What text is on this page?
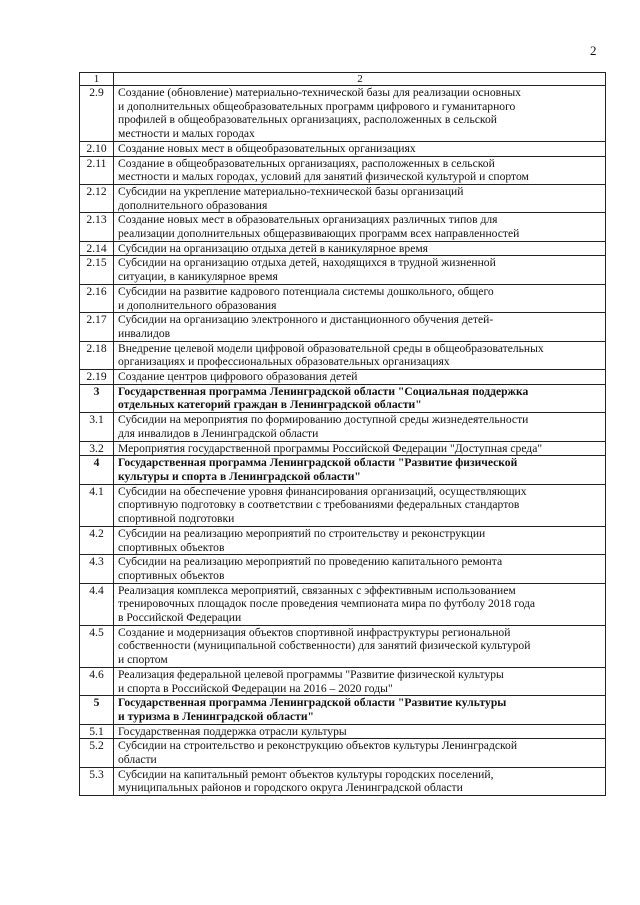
2
1	2
2.9	Создание (обновление) материально-технической базы для реализации основных
и дополнительных общеобразовательных программ цифрового и гуманитарного
профилей в общеобразовательных организациях, расположенных в сельской
местности и малых городах
2.10	Создание новых мест в общеобразовательных организациях
2.11	Создание в общеобразовательных организациях, расположенных в сельской
местности и малых городах, условий для занятий физической культурой и спортом
2.12	Субсидии на укрепление материально-технической базы организаций
дополнительного образования
2.13	Создание новых мест в образовательных организациях различных типов для
реализации дополнительных общеразвивающих программ всех направленностей
2.14	Субсидии на организацию отдыха детей в каникулярное время
2.15	Субсидии на организацию отдыха детей, находящихся в трудной жизненной
ситуации, в каникулярное время
2.16	Субсидии на развитие кадрового потенциала системы дошкольного, общего
и дополнительного образования
2.17	Субсидии на организацию электронного и дистанционного обучения детей-
инвалидов
2.18	Внедрение целевой модели цифровой образовательной среды в общеобразовательных
организациях и профессиональных образовательных организациях
2.19	Создание центров цифрового образования детей
3	Государственная программа Ленинградской области "Социальная поддержка
отдельных категорий граждан в Ленинградской области"
3.1	Субсидии на мероприятия по формированию доступной среды жизнедеятельности
для инвалидов в Ленинградской области
3.2	Мероприятия государственной программы Российской Федерации "Доступная среда"
4	Государственная программа Ленинградской области "Развитие физической
культуры и спорта в Ленинградской области"
4.1	Субсидии на обеспечение уровня финансирования организаций, осуществляющих
спортивную подготовку в соответствии с требованиями федеральных стандартов
спортивной подготовки
4.2	Субсидии на реализацию мероприятий по строительству и реконструкции
спортивных объектов
4.3	Субсидии на реализацию мероприятий по проведению капитального ремонта
спортивных объектов
4.4	Реализация комплекса мероприятий, связанных с эффективным использованием
тренировочных площадок после проведения чемпионата мира по футболу 2018 года
в Российской Федерации
4.5	Создание и модернизация объектов спортивной инфраструктуры региональной
собственности (муниципальной собственности) для занятий физической культурой
и спортом
4.6	Реализация федеральной целевой программы "Развитие физической культуры
и спорта в Российской Федерации на 2016 – 2020 годы"
5	Государственная программа Ленинградской области "Развитие культуры
и туризма в Ленинградской области"
5.1	Государственная поддержка отрасли культуры
5.2	Субсидии на строительство и реконструкцию объектов культуры Ленинградской
области
5.3	Субсидии на капитальный ремонт объектов культуры городских поселений,
муниципальных районов и городского округа Ленинградской области
